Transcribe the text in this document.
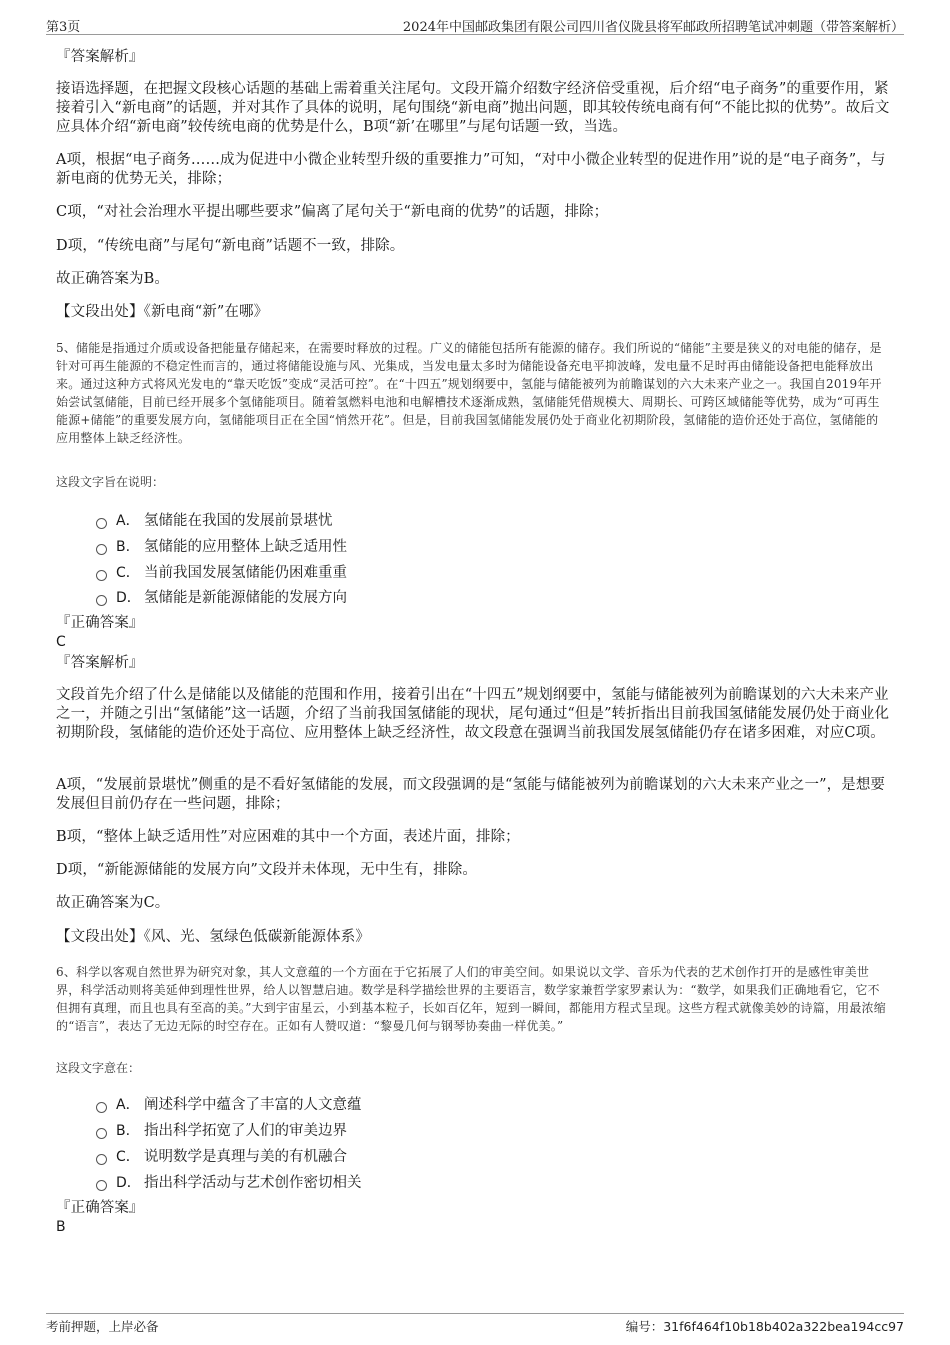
第3页	2024年中国邮政集团有限公司四川省仪陇县将军邮政所招聘笔试冲刺题（带答案解析）

『答案解析』

接语选择题，在把握文段核心话题的基础上需着重关注尾句。文段开篇介绍数字经济倍受重视，后介绍“电子商务”的重要作用，紧接着引入“新电商”的话题，并对其作了具体的说明，尾句围绕“新电商”抛出问题，即其较传统电商有何“不能比拟的优势”。故后文应具体介绍“新电商”较传统电商的优势是什么，B项“新’在哪里”与尾句话题一致，当选。

A项，根据“电子商务……成为促进中小微企业转型升级的重要推力”可知，“对中小微企业转型的促进作用”说的是“电子商务”，与新电商的优势无关，排除；

C项，“对社会治理水平提出哪些要求”偏离了尾句关于“新电商的优势”的话题，排除；

D项，“传统电商”与尾句“新电商”话题不一致，排除。

故正确答案为B。

【文段出处】《新电商“新”在哪》

5、储能是指通过介质或设备把能量存储起来，在需要时释放的过程。广义的储能包括所有能源的储存。我们所说的“储能”主要是狭义的对电能的储存，是针对可再生能源的不稳定性而言的，通过将储能设施与风、光集成，当发电量太多时为储能设备充电平抑波峰，发电量不足时再由储能设备把电能释放出来。通过这种方式将风光发电的“靠天吃饭”变成“灵活可控”。在“十四五”规划纲要中，氢能与储能被列为前瞻谋划的六大未来产业之一。我国自2019年开始尝试氢储能，目前已经开展多个氢储能项目。随着氢燃料电池和电解槽技术逐渐成熟，氢储能凭借规模大、周期长、可跨区域储能等优势，成为“可再生能源+储能”的重要发展方向，氢储能项目正在全国“悄然开花”。但是，目前我国氢储能发展仍处于商业化初期阶段，氢储能的造价还处于高位，氢储能的应用整体上缺乏经济性。

这段文字旨在说明：

A． 氢储能在我国的发展前景堪忧
B. 氢储能的应用整体上缺乏适用性
C． 当前我国发展氢储能仍困难重重
D． 氢储能是新能源储能的发展方向

『正确答案』

C

『答案解析』

文段首先介绍了什么是储能以及储能的范围和作用，接着引出在“十四五”规划纲要中，氢能与储能被列为前瞻谋划的六大未来产业之一，并随之引出“氢储能”这一话题，介绍了当前我国氢储能的现状，尾句通过“但是”转折指出目前我国氢储能发展仍处于商业化初期阶段，氢储能的造价还处于高位、应用整体上缺乏经济性，故文段意在强调当前我国发展氢储能仍存在诸多困难，对应C项。

A项，“发展前景堪忧”侧重的是不看好氢储能的发展，而文段强调的是“氢能与储能被列为前瞻谋划的六大未来产业之一”，是想要发展但目前仍存在一些问题，排除；

B项，“整体上缺乏适用性”对应困难的其中一个方面，表述片面，排除；

D项，“新能源储能的发展方向”文段并未体现，无中生有，排除。

故正确答案为C。

【文段出处】《风、光、氢绿色低碳新能源体系》

6、科学以客观自然世界为研究对象，其人文意蕴的一个方面在于它拓展了人们的审美空间。如果说以文学、音乐为代表的艺术创作打开的是感性审美世界，科学活动则将美延伸到理性世界，给人以智慧启迪。数学是科学描绘世界的主要语言，数学家兼哲学家罗素认为：“数学，如果我们正确地看它，它不但拥有真理，而且也具有至高的美。”大到宇宙星云，小到基本粒子，长如百亿年，短到一瞬间，都能用方程式呈现。这些方程式就像美妙的诗篇，用最浓缩的“语言”，表达了无边无际的时空存在。正如有人赞叹道：“黎曼几何与钢琴协奏曲一样优美。”

这段文字意在：

A． 阐述科学中蕴含了丰富的人文意蕴
B. 指出科学拓宽了人们的审美边界
C． 说明数学是真理与美的有机融合
D． 指出科学活动与艺术创作密切相关

『正确答案』

B

考前押题，上岸必备	编号：31f6f464f10b18b402a322bea194cc97
